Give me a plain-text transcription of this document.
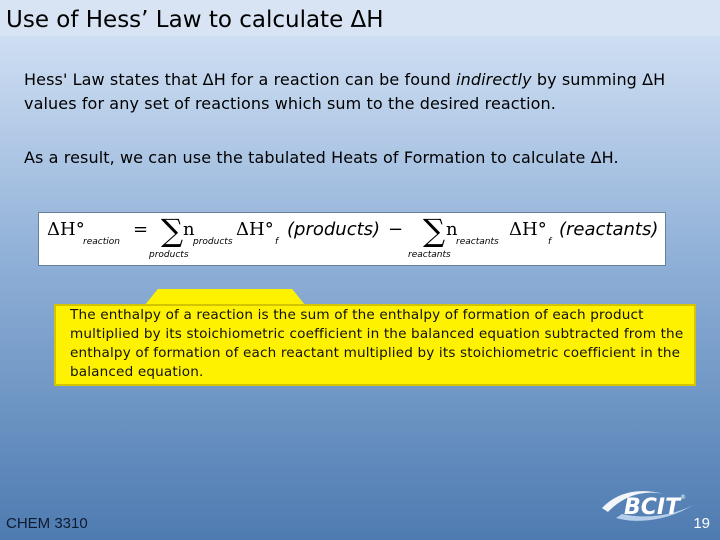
Use of Hess’ Law to calculate ΔH
Hess' Law states that ΔH for a reaction can be found indirectly by summing ΔH values for any set of reactions which sum to the desired reaction.
As a result, we can use the tabulated Heats of Formation to calculate ΔH.
ΔH°
reaction
= ∑
products
n
products
ΔH°
f
(products) − ∑
reactants
n
reactants
ΔH°
f
(reactants)
The enthalpy of a reaction is the sum of the enthalpy of formation of each product multiplied by its stoichiometric coefficient in the balanced equation subtracted from the enthalpy of formation of each reactant multiplied by its stoichiometric coefficient in the balanced equation.
BCIT ®
CHEM 3310	19
